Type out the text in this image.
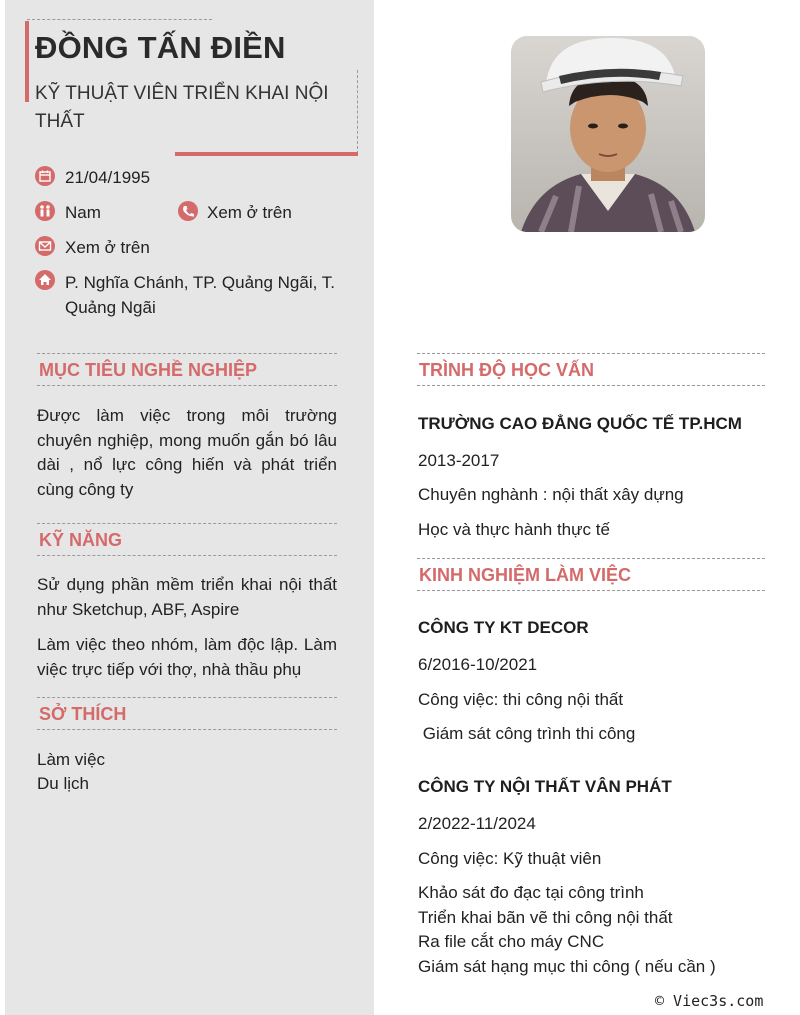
ĐỒNG TẤN ĐIỀN
KỸ THUẬT VIÊN TRIỂN KHAI NỘI THẤT
21/04/1995
Nam	Xem ở trên
Xem ở trên
P. Nghĩa Chánh, TP. Quảng Ngãi, T. Quảng Ngãi
MỤC TIÊU NGHỀ NGHIỆP
Được làm việc trong môi trường chuyên nghiệp, mong muốn gắn bó lâu dài , nổ lực công hiến và phát triển cùng công ty
KỸ NĂNG
Sử dụng phần mềm triển khai nội thất như Sketchup, ABF, Aspire
Làm việc theo nhóm, làm độc lập. Làm việc trực tiếp với thợ, nhà thầu phụ
SỞ THÍCH
Làm việc
Du lịch
TRÌNH ĐỘ HỌC VẤN
TRƯỜNG CAO ĐẲNG QUỐC TẾ TP.HCM
2013-2017
Chuyên nghành : nội thất xây dựng
Học và thực hành thực tế
KINH NGHIỆM LÀM VIỆC
CÔNG TY KT DECOR
6/2016-10/2021
Công việc: thi công nội thất
Giám sát công trình thi công
CÔNG TY NỘI THẤT VÂN PHÁT
2/2022-11/2024
Công việc: Kỹ thuật viên
Khảo sát đo đạc tại công trình
Triển khai bãn vẽ thi công nội thất
Ra file cắt cho máy CNC
Giám sát hạng mục thi công ( nếu cần )
© Viec3s.com
